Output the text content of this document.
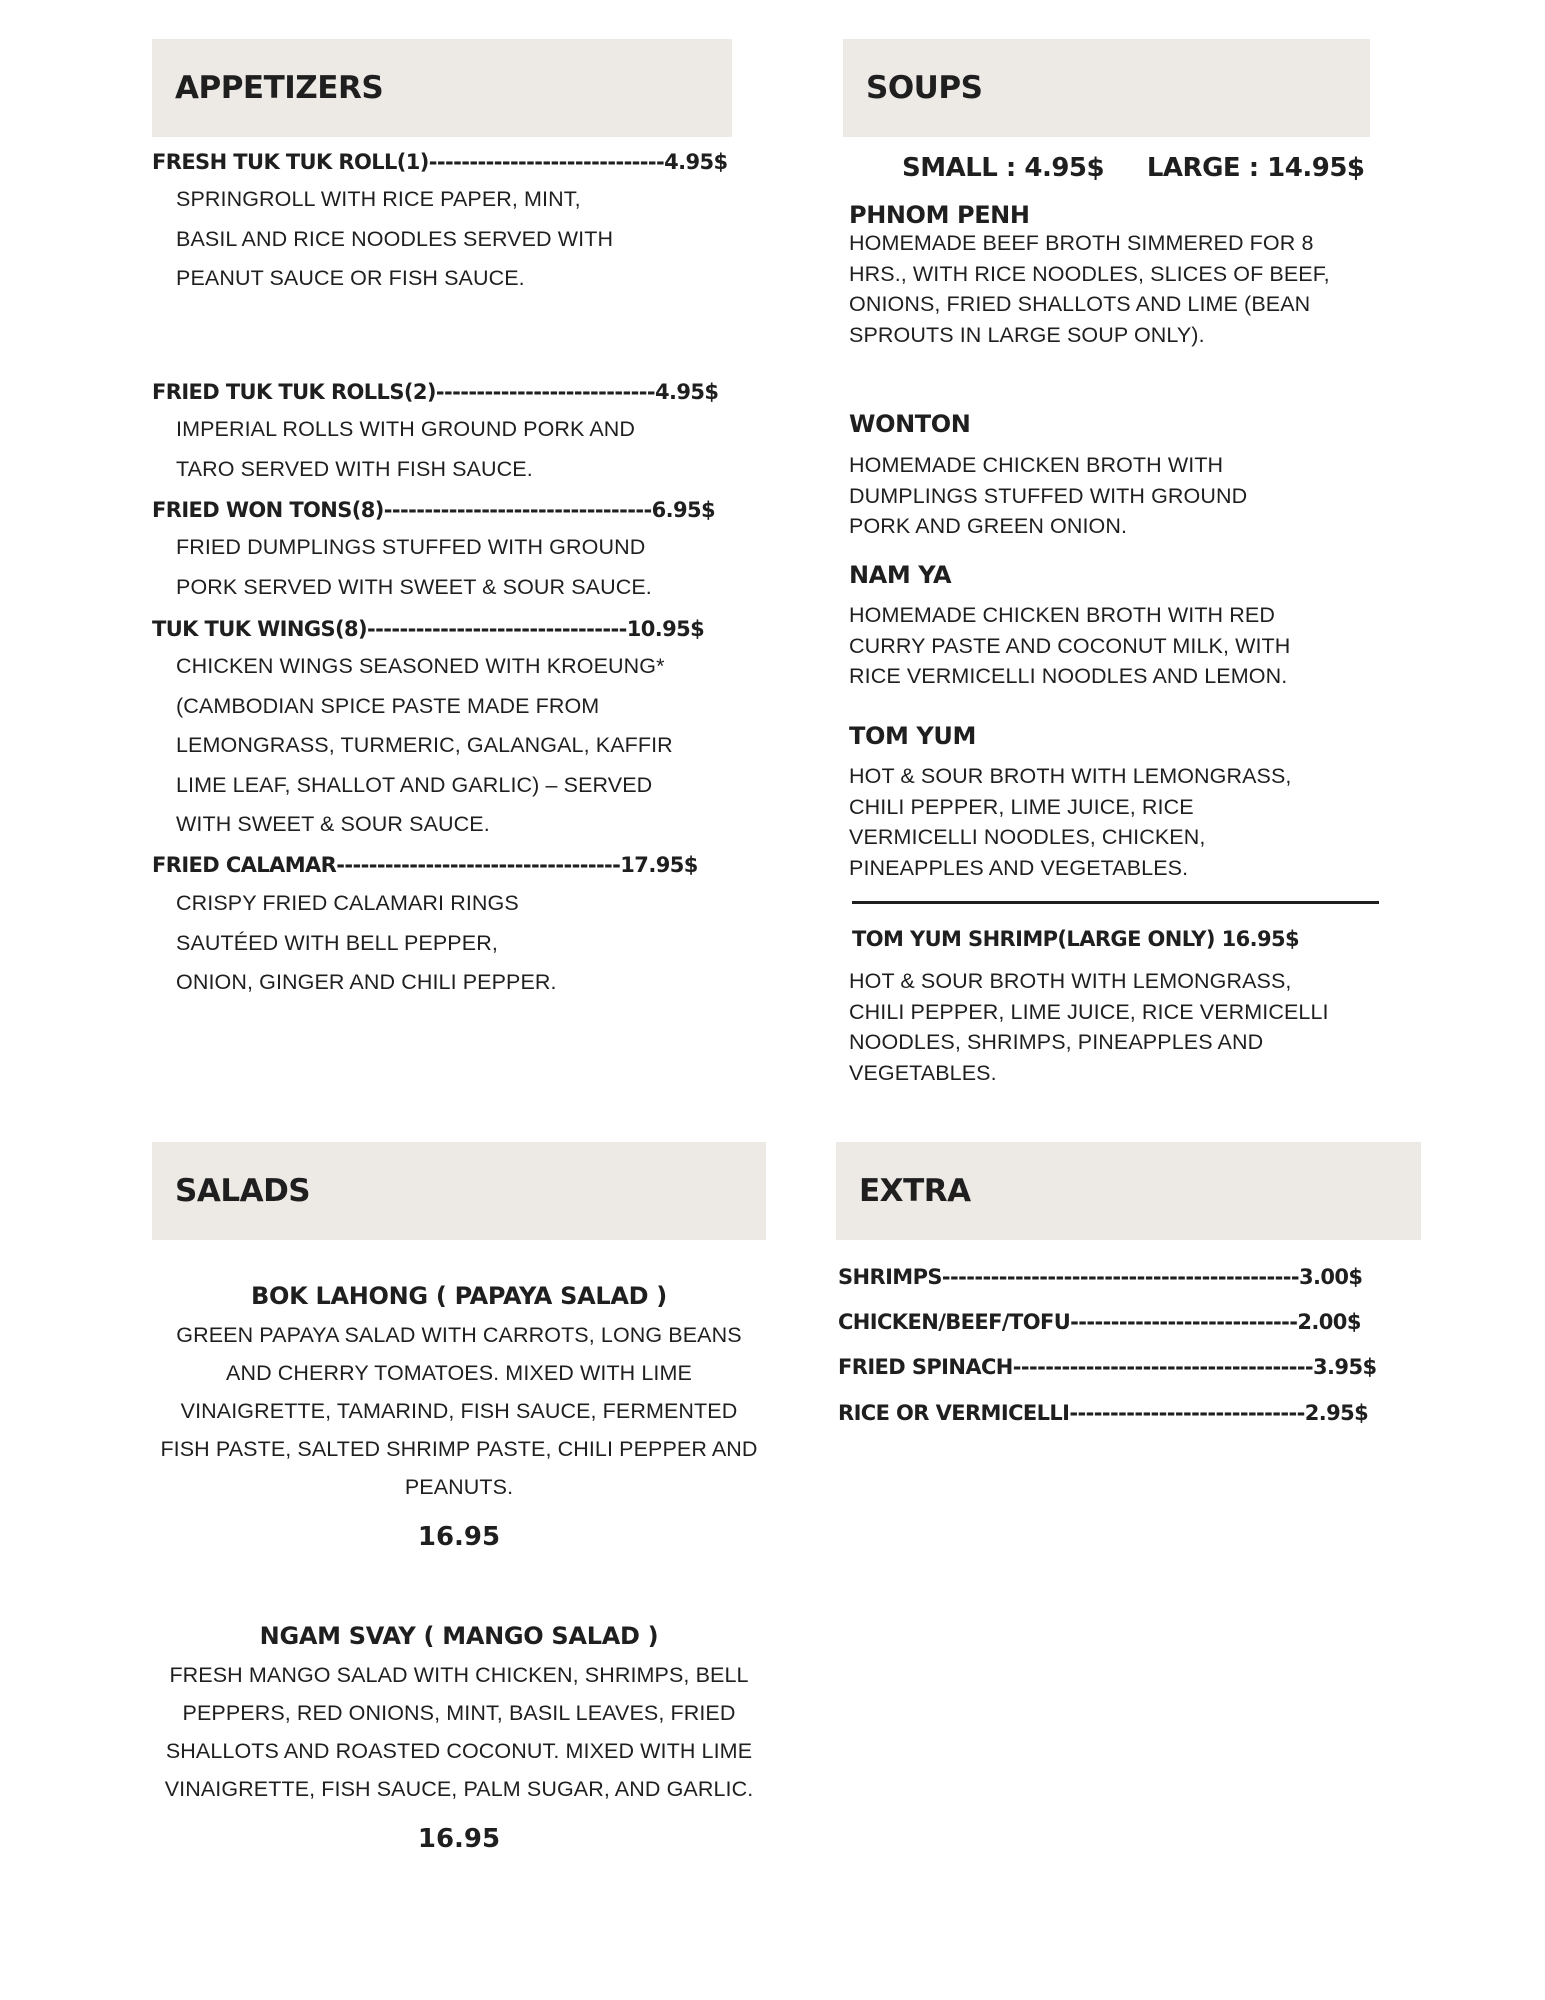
APPETIZERS

FRESH TUK TUK ROLL(1)-----------------------------4.95$

SPRINGROLL WITH RICE PAPER, MINT,
BASIL AND RICE NOODLES SERVED WITH
PEANUT SAUCE OR FISH SAUCE.

FRIED TUK TUK ROLLS(2)---------------------------4.95$

IMPERIAL ROLLS WITH GROUND PORK AND
TARO SERVED WITH FISH SAUCE.

FRIED WON TONS(8)---------------------------------6.95$

FRIED DUMPLINGS STUFFED WITH GROUND
PORK SERVED WITH SWEET & SOUR SAUCE.

TUK TUK WINGS(8)--------------------------------10.95$

CHICKEN WINGS SEASONED WITH KROEUNG*
(CAMBODIAN SPICE PASTE MADE FROM
LEMONGRASS, TURMERIC, GALANGAL, KAFFIR
LIME LEAF, SHALLOT AND GARLIC) – SERVED
WITH SWEET & SOUR SAUCE.

FRIED CALAMAR-----------------------------------17.95$

CRISPY FRIED CALAMARI RINGS
SAUTÉED WITH BELL PEPPER,
ONION, GINGER AND CHILI PEPPER.

SOUPS

SMALL : 4.95$     LARGE : 14.95$

PHNOM PENH

HOMEMADE BEEF BROTH SIMMERED FOR 8
HRS., WITH RICE NOODLES, SLICES OF BEEF,
ONIONS, FRIED SHALLOTS AND LIME (BEAN
SPROUTS IN LARGE SOUP ONLY).

WONTON

HOMEMADE CHICKEN BROTH WITH
DUMPLINGS STUFFED WITH GROUND
PORK AND GREEN ONION.

NAM YA

HOMEMADE CHICKEN BROTH WITH RED
CURRY PASTE AND COCONUT MILK, WITH
RICE VERMICELLI NOODLES AND LEMON.

TOM YUM

HOT & SOUR BROTH WITH LEMONGRASS,
CHILI PEPPER, LIME JUICE, RICE
VERMICELLI NOODLES, CHICKEN,
PINEAPPLES AND VEGETABLES.

TOM YUM SHRIMP(LARGE ONLY) 16.95$

HOT & SOUR BROTH WITH LEMONGRASS,
CHILI PEPPER, LIME JUICE, RICE VERMICELLI
NOODLES, SHRIMPS, PINEAPPLES AND
VEGETABLES.

SALADS

BOK LAHONG ( PAPAYA SALAD )

GREEN PAPAYA SALAD WITH CARROTS, LONG BEANS
AND CHERRY TOMATOES. MIXED WITH LIME
VINAIGRETTE, TAMARIND, FISH SAUCE, FERMENTED
FISH PASTE, SALTED SHRIMP PASTE, CHILI PEPPER AND
PEANUTS.

16.95

NGAM SVAY ( MANGO SALAD )

FRESH MANGO SALAD WITH CHICKEN, SHRIMPS, BELL
PEPPERS, RED ONIONS, MINT, BASIL LEAVES, FRIED
SHALLOTS AND ROASTED COCONUT. MIXED WITH LIME
VINAIGRETTE, FISH SAUCE, PALM SUGAR, AND GARLIC.

16.95

EXTRA

SHRIMPS--------------------------------------------3.00$

CHICKEN/BEEF/TOFU----------------------------2.00$

FRIED SPINACH-------------------------------------3.95$

RICE OR VERMICELLI-----------------------------2.95$
